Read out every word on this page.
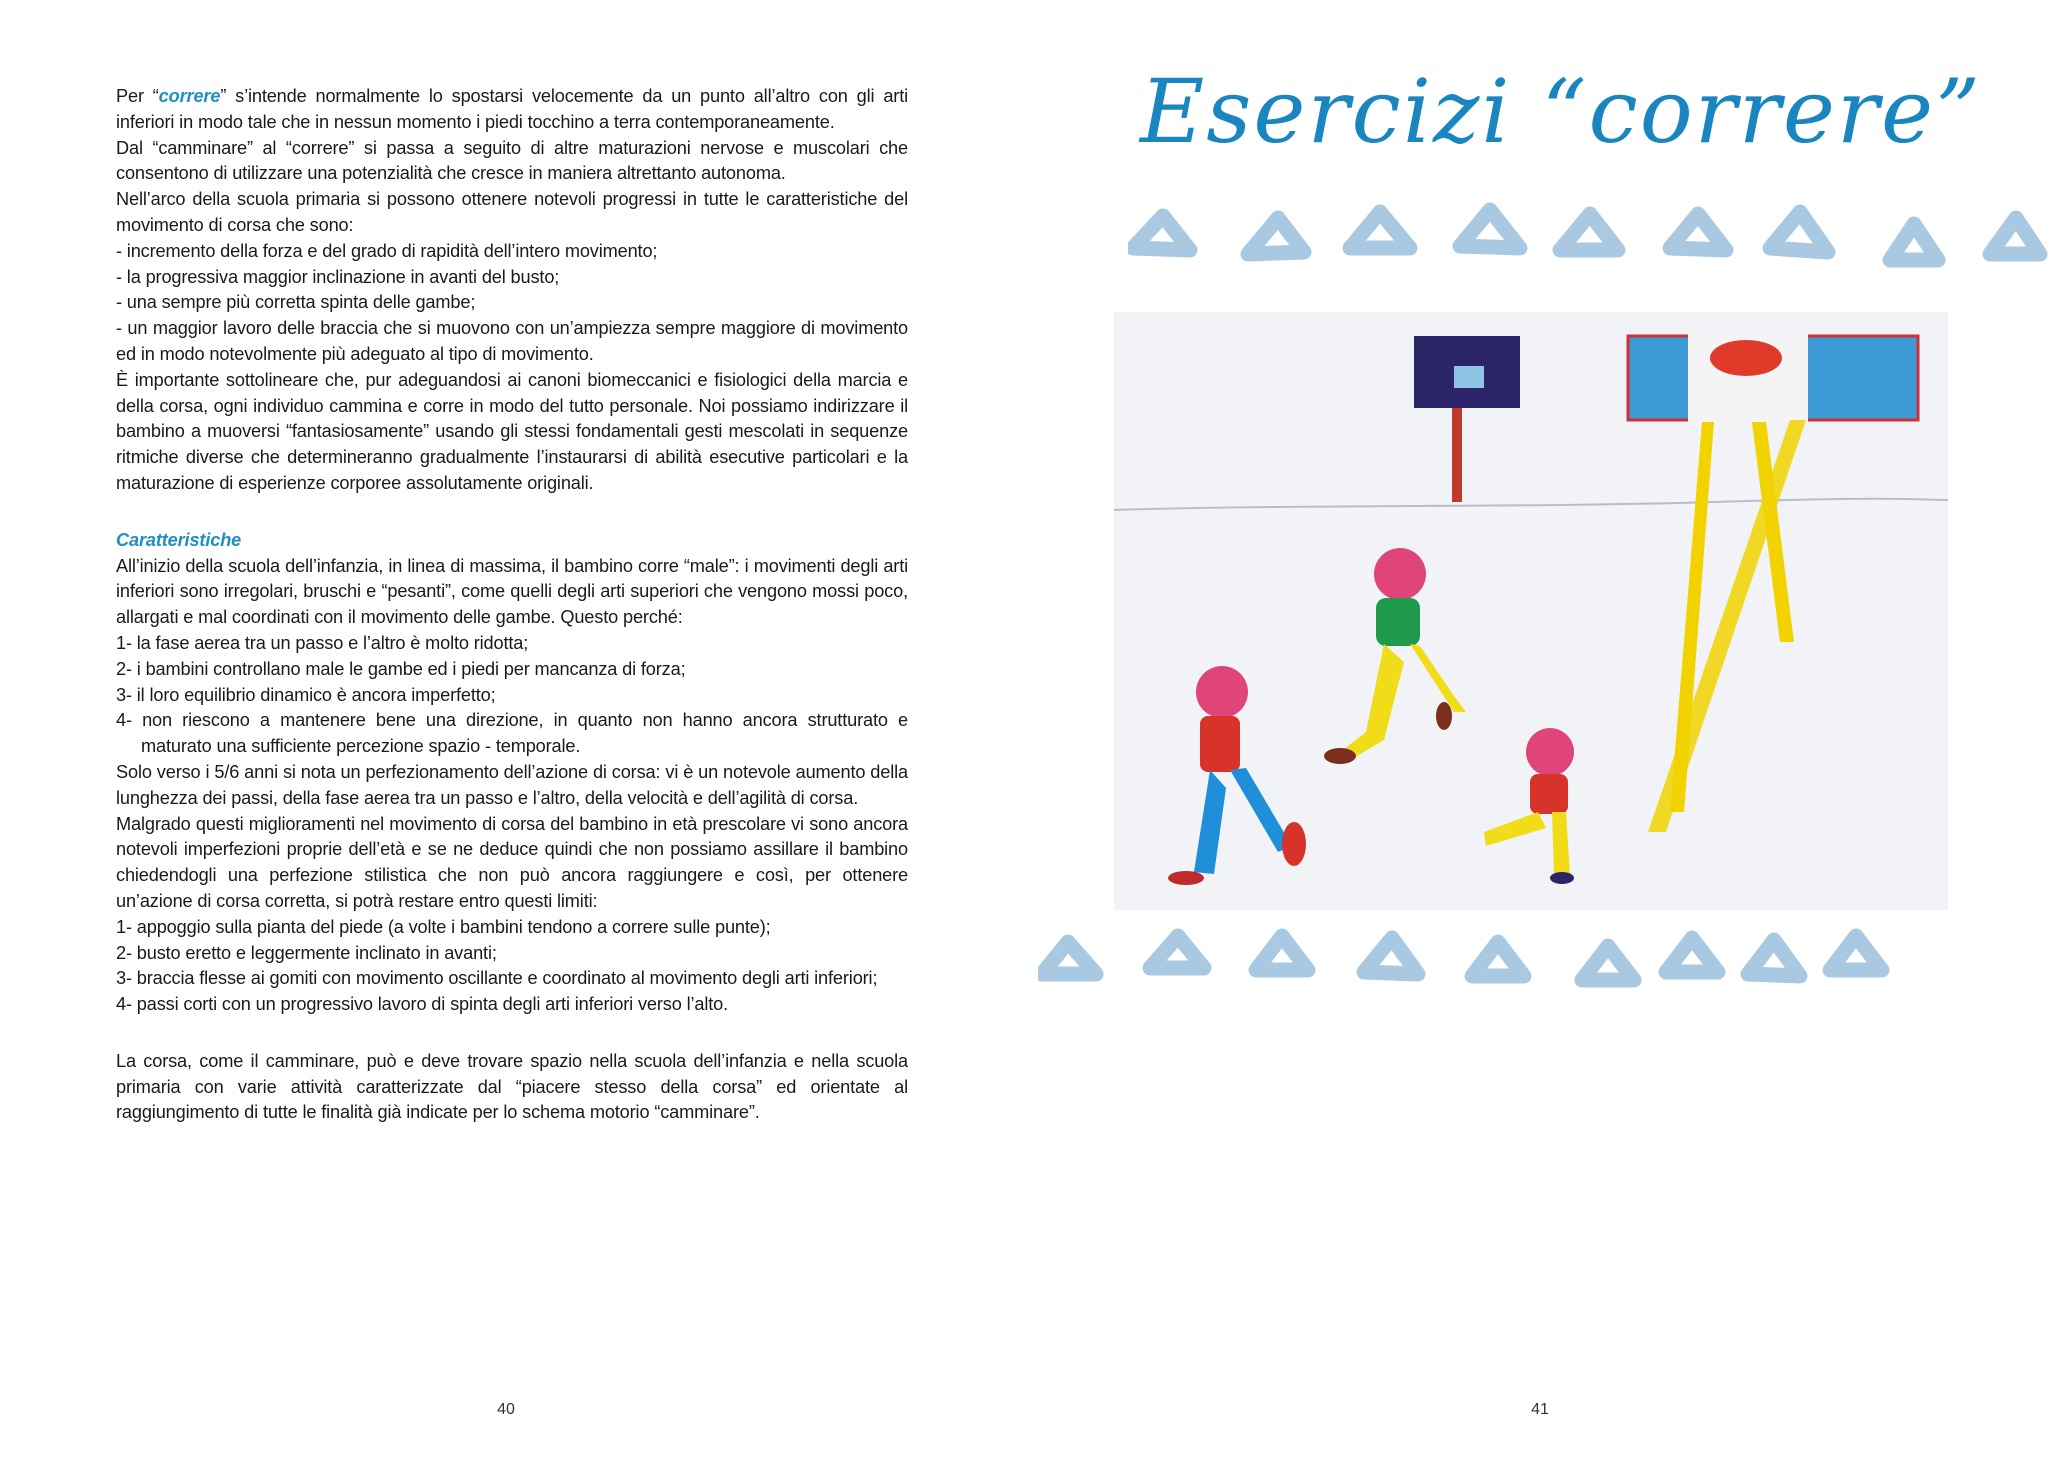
Per “correre” s’intende normalmente lo spostarsi velocemente da un punto all’altro con gli arti inferiori in modo tale che in nessun momento i piedi tocchino a terra contemporaneamente.

Dal “camminare” al “correre” si passa a seguito di altre maturazioni nervose e muscolari che consentono di utilizzare una potenzialità che cresce in maniera altrettanto autonoma.

Nell’arco della scuola primaria si possono ottenere notevoli progressi in tutte le caratteristiche del movimento di corsa che sono:

- incremento della forza e del grado di rapidità dell’intero movimento;

- la progressiva maggior inclinazione in avanti del busto;

- una sempre più corretta spinta delle gambe;

- un maggior lavoro delle braccia che si muovono con un’ampiezza sempre maggiore di movimento ed in modo notevolmente più adeguato al tipo di movimento.

È importante sottolineare che, pur adeguandosi ai canoni biomeccanici e fisiologici della marcia e della corsa, ogni individuo cammina e corre in modo del tutto personale. Noi possiamo indirizzare il bambino a muoversi “fantasiosamente” usando gli stessi fondamentali gesti mescolati in sequenze ritmiche diverse che determineranno gradualmente l’instaurarsi di abilità esecutive particolari e la maturazione di esperienze corporee assolutamente originali.

Caratteristiche

All’inizio della scuola dell’infanzia, in linea di massima, il bambino corre “male”: i movimenti degli arti inferiori sono irregolari, bruschi e “pesanti”, come quelli degli arti superiori che vengono mossi poco, allargati e mal coordinati con il movimento delle gambe. Questo perché:

1- la fase aerea tra un passo e l’altro è molto ridotta;

2- i bambini controllano male le gambe ed i piedi per mancanza di forza;

3- il loro equilibrio dinamico è ancora imperfetto;

4- non riescono a mantenere bene una direzione, in quanto non hanno ancora strutturato e maturato una sufficiente percezione spazio - temporale.

Solo verso i 5/6 anni si nota un perfezionamento dell’azione di corsa: vi è un notevole aumento della lunghezza dei passi, della fase aerea tra un passo e l’altro, della velocità e dell’agilità di corsa.

Malgrado questi miglioramenti nel movimento di corsa del bambino in età prescolare vi sono ancora notevoli imperfezioni proprie dell’età e se ne deduce quindi che non possiamo assillare il bambino chiedendogli una perfezione stilistica che non può ancora raggiungere e così, per ottenere un’azione di corsa corretta, si potrà restare entro questi limiti:

1- appoggio sulla pianta del piede (a volte i bambini tendono a correre sulle punte);

2- busto eretto e leggermente inclinato in avanti;

3- braccia flesse ai gomiti con movimento oscillante e coordinato al movimento degli arti inferiori;

4- passi corti con un progressivo lavoro di spinta degli arti inferiori verso l’alto.

La corsa, come il camminare, può e deve trovare spazio nella scuola dell’infanzia e nella scuola primaria con varie attività caratterizzate dal “piacere stesso della corsa” ed orientate al raggiungimento di tutte le finalità già indicate per lo schema motorio “camminare”.

40
Esercizi “correre”
41
